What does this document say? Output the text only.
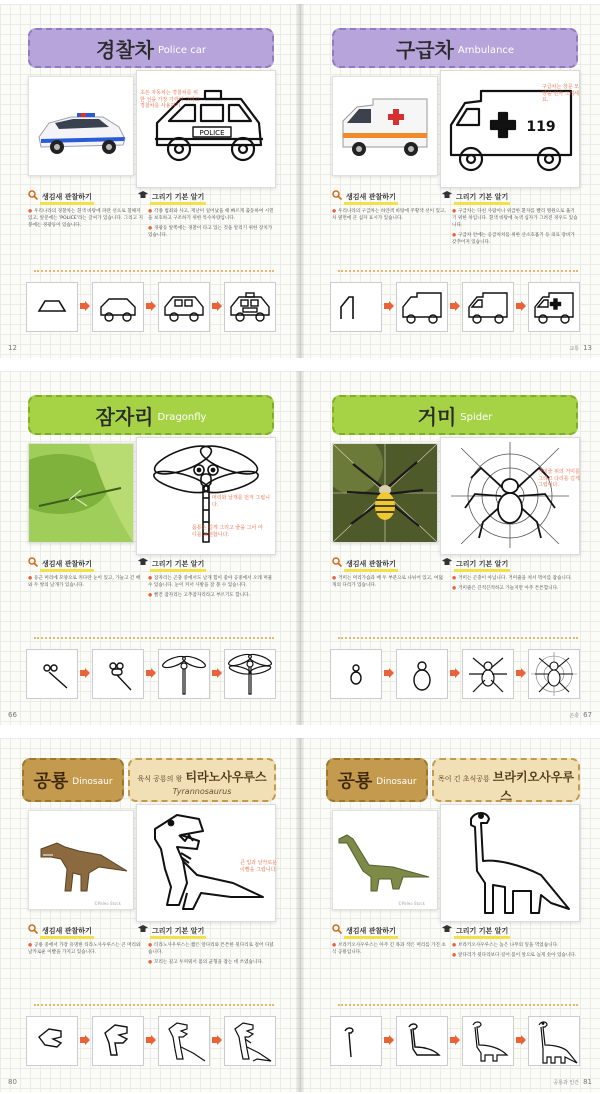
경찰차 Police car
POLICE
초든 자동차는 경찰차를 위한 선을 가장 가까이 그리고 경찰차를 사용하기.
생김새 관찰하기	그리기 기본 알기

● 우리나라의 경찰차는 흰색 바탕에 파란 선으로 칠해져 있고, 앞문에는 'POLICE'라는 글씨가 있습니다. 그리고 지붕에는 경광등이 있습니다.

● 각종 범죄와 사고, 재난이 일어났을 때 빠르게 출동하여 시민을 보호하고 구조하기 위한 특수차량입니다.

● 경광등 앞쪽에는 경찰이 타고 있는 것을 알리기 위한 장치가 있습니다.

12
구급차 Ambulance
119
구급차는 창문 모양을 먼저 그리세요.
생김새 관찰하기	그리기 기본 알기

● 우리나라의 구급차는 하얀색 바탕에 주황색 선이 있고, 차 옆면에 큰 십자 표시가 있습니다.

● 구급차는 다친 사람이나 위급한 환자를 빨리 병원으로 옮기기 위한 차입니다. 흰색 바탕에 녹색 십자가 그려진 경우도 있습니다.

● 구급차 안에는 응급처치를 위한 산소호흡기 등 의료 장비가 갖추어져 있습니다.

교통 13
잠자리 Dragonfly
머리와 날개를 먼저 그립니다.
몸통은 길게 그리고 줄을 그어 마디를 표현합니다.
생김새 관찰하기	그리기 기본 알기

● 둥근 머리에 모양으로 커다란 눈이 있고, 가늘고 긴 배와 두 쌍의 날개가 있습니다.

● 잠자리는 곤충 중에서도 날개 힘이 좋아 공중에서 오래 머물 수 있습니다. 눈이 커서 사방을 잘 볼 수 있습니다.

● 빨간 잠자리는 고추잠자리라고 부르기도 합니다.

66
거미 Spider
거미줄 위의 거미를 그리고 다리를 길게 그립니다.
생김새 관찰하기	그리기 기본 알기

● 거미는 머리가슴과 배 두 부분으로 나뉘어 있고, 여덟 개의 다리가 있습니다.

● 거미는 곤충이 아닙니다. 거미줄을 쳐서 먹이를 잡습니다.

● 거미줄은 끈적끈적하고 가늘지만 아주 튼튼합니다.

곤충 67
공룡 Dinosaur	육식 공룡의 왕 티라노사우루스
Tyrannosaurus
©Paleo Stock
큰 입과 날카로운 이빨을 그립니다.
생김새 관찰하기	그리기 기본 알기

● 공룡 중에서 가장 유명한 티라노사우루스는 큰 머리와 날카로운 이빨을 가지고 있습니다.

● 티라노사우루스는 짧은 앞다리와 튼튼한 뒷다리로 걸어 다녔습니다.

● 꼬리는 길고 두꺼워서 몸의 균형을 잡는 데 쓰였습니다.

80
공룡 Dinosaur	목이 긴 초식공룡 브라키오사우루스
©Paleo Stock
생김새 관찰하기	그리기 기본 알기

● 브라키오사우루스는 아주 긴 목과 작은 머리를 가진 초식 공룡입니다.

● 브라키오사우루스는 높은 나무의 잎을 먹었습니다.

● 앞다리가 뒷다리보다 길어 몸이 앞으로 높게 솟아 있습니다.

공룡과 인간 81
